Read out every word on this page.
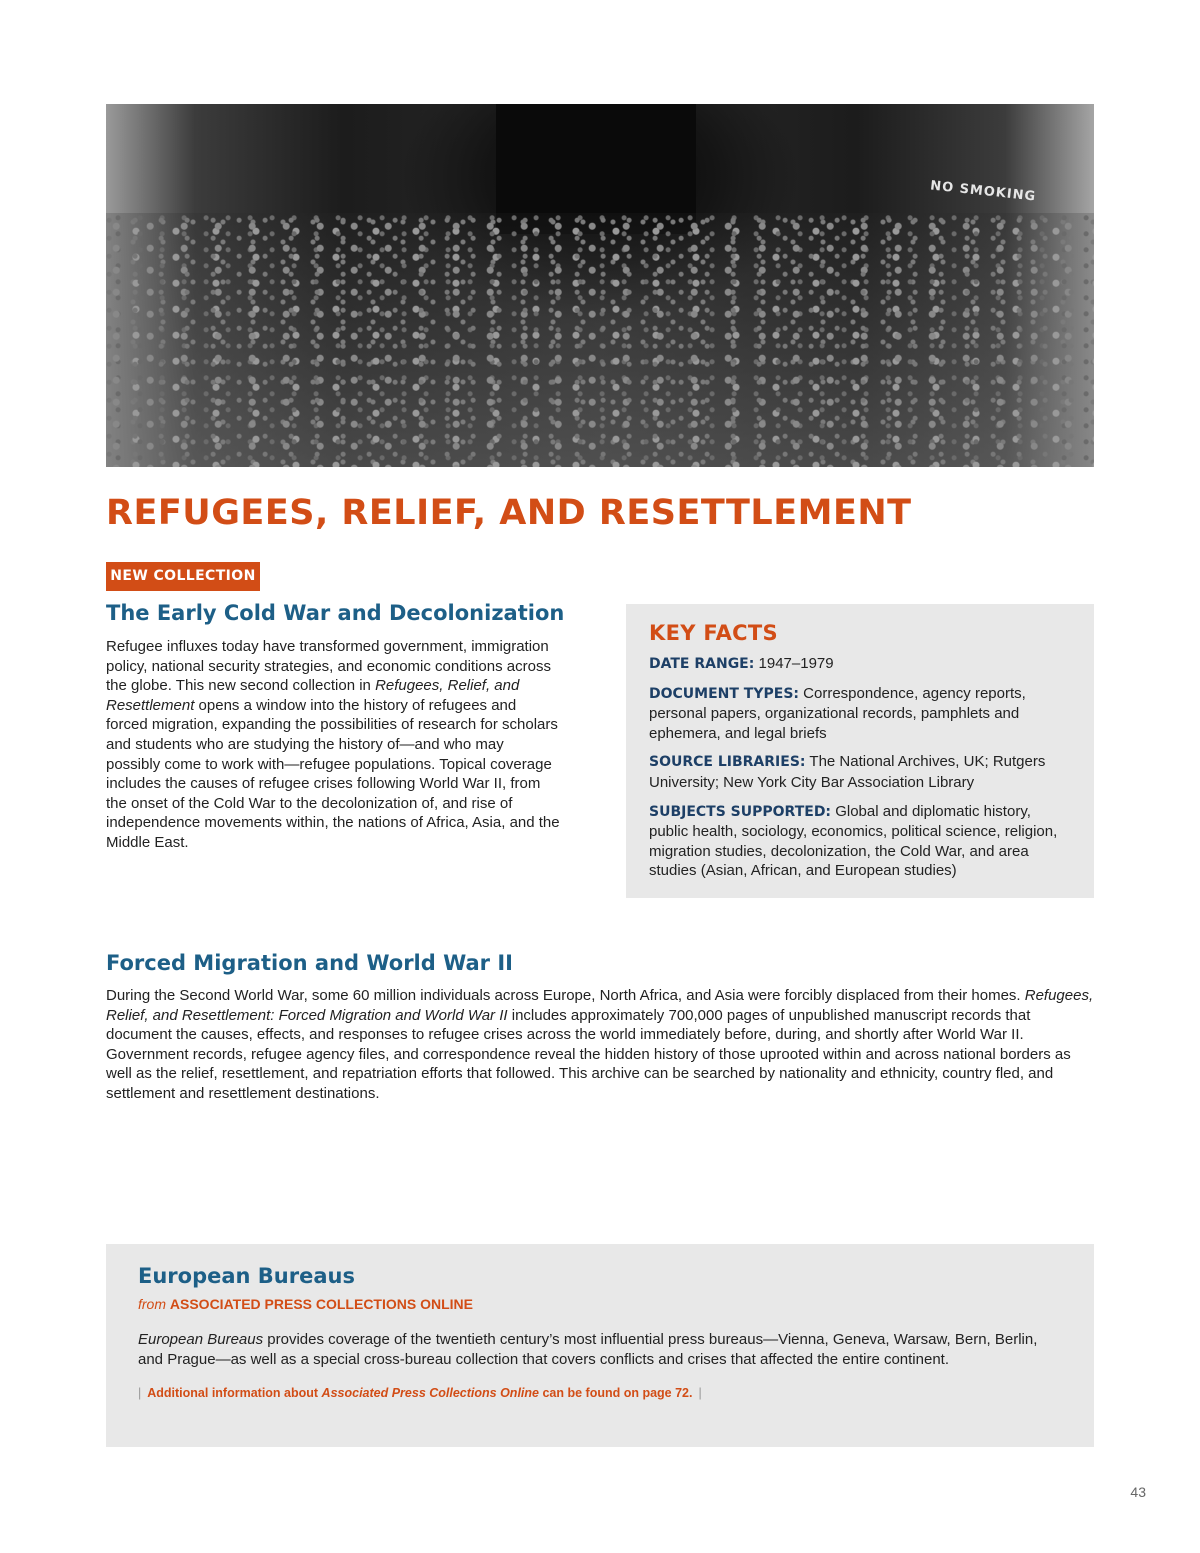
NO SMOKING
REFUGEES, RELIEF, AND RESETTLEMENT
NEW COLLECTION
The Early Cold War and Decolonization

Refugee influxes today have transformed government, immigration policy, national security strategies, and economic conditions across the globe. This new second collection in Refugees, Relief, and Resettlement opens a window into the history of refugees and forced migration, expanding the possibilities of research for scholars and students who are studying the history of—and who may possibly come to work with—refugee populations. Topical coverage includes the causes of refugee crises following World War II, from the onset of the Cold War to the decolonization of, and rise of independence movements within, the nations of Africa, Asia, and the Middle East.

KEY FACTS
DATE RANGE: 1947–1979
DOCUMENT TYPES: Correspondence, agency reports, personal papers, organizational records, pamphlets and ephemera, and legal briefs
SOURCE LIBRARIES: The National Archives, UK; Rutgers University; New York City Bar Association Library
SUBJECTS SUPPORTED: Global and diplomatic history, public health, sociology, economics, political science, religion, migration studies, decolonization, the Cold War, and area studies (Asian, African, and European studies)
Forced Migration and World War II

During the Second World War, some 60 million individuals across Europe, North Africa, and Asia were forcibly displaced from their homes. Refugees, Relief, and Resettlement: Forced Migration and World War II includes approximately 700,000 pages of unpublished manuscript records that document the causes, effects, and responses to refugee crises across the world immediately before, during, and shortly after World War II. Government records, refugee agency files, and correspondence reveal the hidden history of those uprooted within and across national borders as well as the relief, resettlement, and repatriation efforts that followed. This archive can be searched by nationality and ethnicity, country fled, and settlement and resettlement destinations.

European Bureaus
from ASSOCIATED PRESS COLLECTIONS ONLINE

European Bureaus provides coverage of the twentieth century’s most influential press bureaus—Vienna, Geneva, Warsaw, Bern, Berlin, and Prague—as well as a special cross-bureau collection that covers conflicts and crises that affected the entire continent.

| Additional information about Associated Press Collections Online can be found on page 72. |
43
